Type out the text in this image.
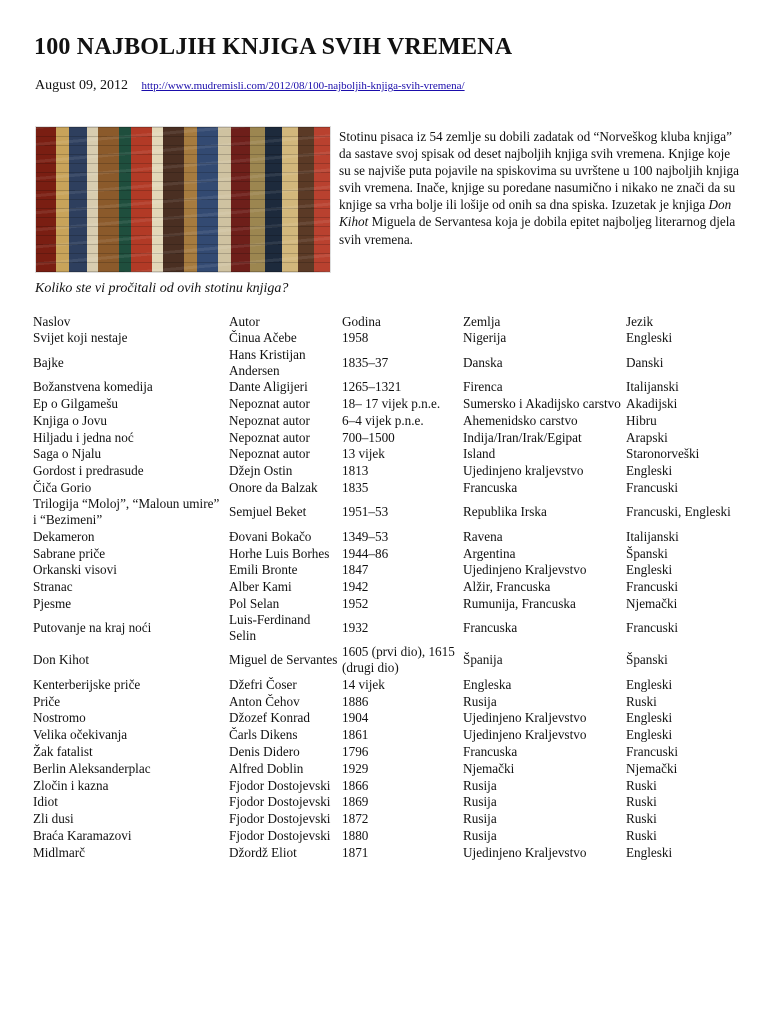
100 NAJBOLJIH KNJIGA SVIH VREMENA
August 09, 2012 http://www.mudremisli.com/2012/08/100-najboljih-knjiga-svih-vremena/

Stotinu pisaca iz 54 zemlje su dobili zadatak od “Norveškog kluba knjiga” da sastave svoj spisak od deset najboljih knjiga svih vremena. Knjige koje su se najviše puta pojavile na spiskovima su uvrštene u 100 najboljih knjiga svih vremena. Inače, knjige su poredane nasumično i nikako ne znači da su knjige sa vrha bolje ili lošije od onih sa dna spiska. Izuzetak je knjiga Don Kihot Miguela de Servantesa koja je dobila epitet najboljeg literarnog djela svih vremena.

Koliko ste vi pročitali od ovih stotinu knjiga?
Naslov	Autor	Godina	Zemlja	Jezik
Svijet koji nestaje	Činua Ačebe	1958	Nigerija	Engleski
Bajke	Hans Kristijan Andersen	1835–37	Danska	Danski
Božanstvena komedija	Dante Aligijeri	1265–1321	Firenca	Italijanski
Ep o Gilgamešu	Nepoznat autor	18– 17 vijek p.n.e.	Sumersko i Akadijsko carstvo	Akadijski
Knjiga o Jovu	Nepoznat autor	6–4 vijek p.n.e.	Ahemenidsko carstvo	Hibru
Hiljadu i jedna noć	Nepoznat autor	700–1500	Indija/Iran/Irak/Egipat	Arapski
Saga o Njalu	Nepoznat autor	13 vijek	Island	Staronorveški
Gordost i predrasude	Džejn Ostin	1813	Ujedinjeno kraljevstvo	Engleski
Čiča Gorio	Onore da Balzak	1835	Francuska	Francuski
Trilogija “Moloj”, “Maloun umire” i “Bezimeni”	Semjuel Beket	1951–53	Republika Irska	Francuski, Engleski
Dekameron	Đovani Bokačo	1349–53	Ravena	Italijanski
Sabrane priče	Horhe Luis Borhes	1944–86	Argentina	Španski
Orkanski visovi	Emili Bronte	1847	Ujedinjeno Kraljevstvo	Engleski
Stranac	Alber Kami	1942	Alžir, Francuska	Francuski
Pjesme	Pol Selan	1952	Rumunija, Francuska	Njemački
Putovanje na kraj noći	Luis-Ferdinand Selin	1932	Francuska	Francuski
Don Kihot	Miguel de Servantes	1605 (prvi dio), 1615 (drugi dio)	Španija	Španski
Kenterberijske priče	Džefri Čoser	14 vijek	Engleska	Engleski
Priče	Anton Čehov	1886	Rusija	Ruski
Nostromo	Džozef Konrad	1904	Ujedinjeno Kraljevstvo	Engleski
Velika očekivanja	Čarls Dikens	1861	Ujedinjeno Kraljevstvo	Engleski
Žak fatalist	Denis Didero	1796	Francuska	Francuski
Berlin Aleksanderplac	Alfred Doblin	1929	Njemački	Njemački
Zločin i kazna	Fjodor Dostojevski	1866	Rusija	Ruski
Idiot	Fjodor Dostojevski	1869	Rusija	Ruski
Zli dusi	Fjodor Dostojevski	1872	Rusija	Ruski
Braća Karamazovi	Fjodor Dostojevski	1880	Rusija	Ruski
Midlmarč	Džordž Eliot	1871	Ujedinjeno Kraljevstvo	Engleski
